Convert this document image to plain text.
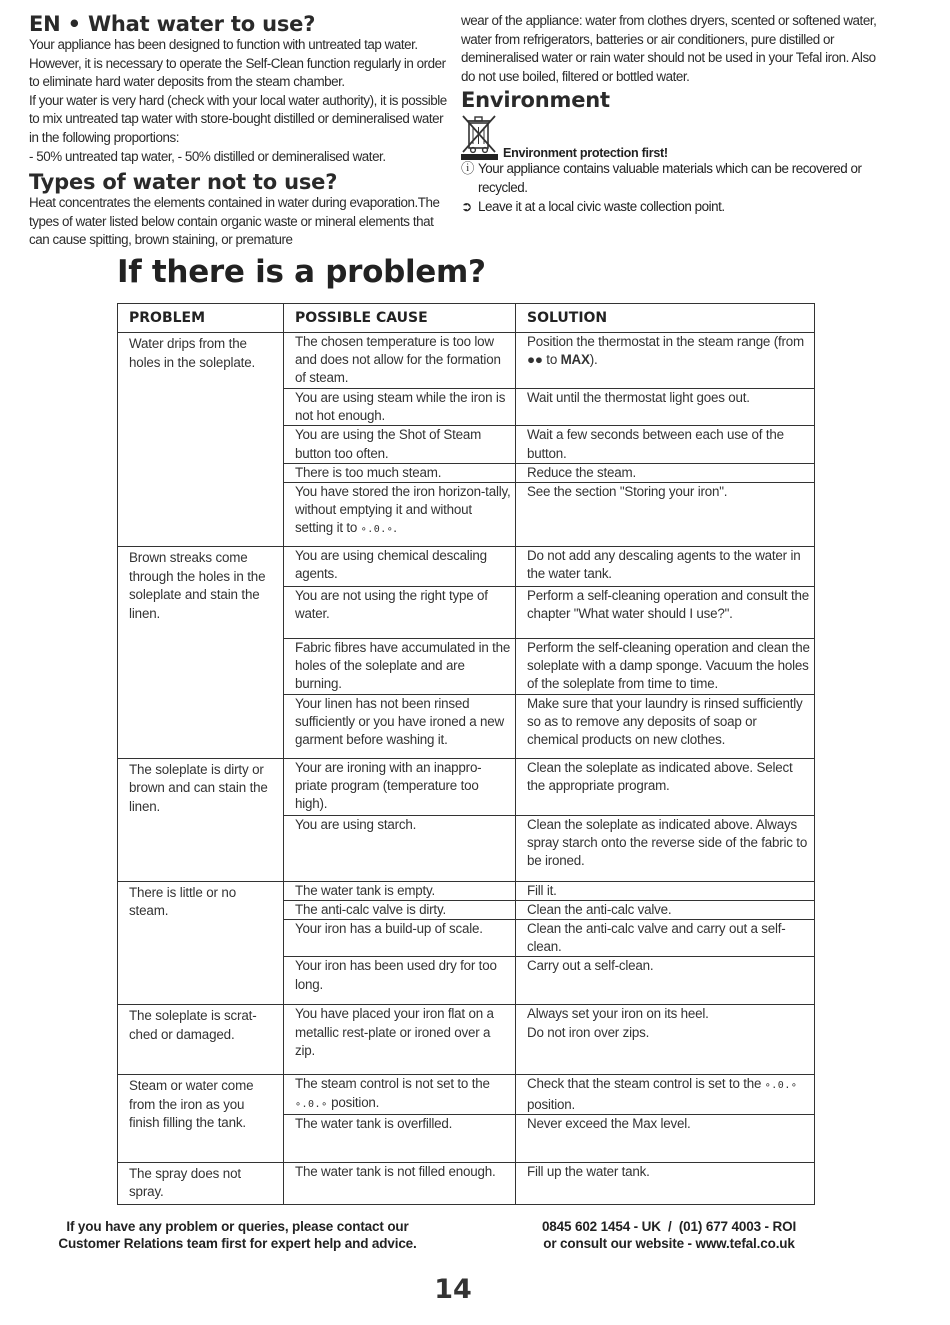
EN • What water to use?

Your appliance has been designed to function with untreated tap water. However, it is necessary to operate the Self-Clean function regularly in order to eliminate hard water deposits from the steam chamber.

If your water is very hard (check with your local water authority), it is possible to mix untreated tap water with store-bought distilled or demineralised water in the following proportions:

- 50% untreated tap water, - 50% distilled or demineralised water.

Types of water not to use?

Heat concentrates the elements contained in water during evaporation.The types of water listed below contain organic waste or mineral elements that can cause spitting, brown staining, or premature

wear of the appliance: water from clothes dryers, scented or softened water, water from refrigerators, batteries or air conditioners, pure distilled or demineralised water or rain water should not be used in your Tefal iron. Also do not use boiled, filtered or bottled water.

Environment
Environment protection first!

ⓘ Your appliance contains valuable materials which can be recovered or recycled.

➲ Leave it at a local civic waste collection point.

If there is a problem?
PROBLEM	POSSIBLE CAUSE	SOLUTION
Water drips from the holes in the soleplate.	The chosen temperature is too low and does not allow for the formation of steam.	Position the thermostat in the steam range (from ●● to MAX).
	You are using steam while the iron is not hot enough.	Wait until the thermostat light goes out.
	You are using the Shot of Steam button too often.	Wait a few seconds between each use of the button.
	There is too much steam.	Reduce the steam.
	You have stored the iron horizon-tally, without emptying it and without setting it to ∘.0.∘.	See the section "Storing your iron".
Brown streaks come through the holes in the soleplate and stain the linen.	You are using chemical descaling agents.	Do not add any descaling agents to the water in the water tank.
	You are not using the right type of water.	Perform a self-cleaning operation and consult the chapter "What water should I use?".
	Fabric fibres have accumulated in the holes of the soleplate and are burning.	Perform the self-cleaning operation and clean the soleplate with a damp sponge. Vacuum the holes of the soleplate from time to time.
	Your linen has not been rinsed sufficiently or you have ironed a new garment before washing it.	Make sure that your laundry is rinsed sufficiently so as to remove any deposits of soap or chemical products on new clothes.
The soleplate is dirty or brown and can stain the linen.	Your are ironing with an inappro-priate program (temperature too high).	Clean the soleplate as indicated above. Select the appropriate program.
	You are using starch.	Clean the soleplate as indicated above. Always spray starch onto the reverse side of the fabric to be ironed.
There is little or no steam.	The water tank is empty.	Fill it.
	The anti-calc valve is dirty.	Clean the anti-calc valve.
	Your iron has a build-up of scale.	Clean the anti-calc valve and carry out a self-clean.
	Your iron has been used dry for too long.	Carry out a self-clean.
The soleplate is scrat-ched or damaged.	You have placed your iron flat on a metallic rest-plate or ironed over a zip.	Always set your iron on its heel.
Do not iron over zips.

Steam or water come from the iron as you finish filling the tank.	The steam control is not set to the ∘.0.∘ position.	Check that the steam control is set to the ∘.0.∘ position.
	The water tank is overfilled.	Never exceed the Max level.
The spray does not spray.	The water tank is not filled enough.	Fill up the water tank.
If you have any problem or queries, please contact our
Customer Relations team first for expert help and advice.
0845 602 1454 - UK  /  (01) 677 4003 - ROI
or consult our website - www.tefal.co.uk
14
